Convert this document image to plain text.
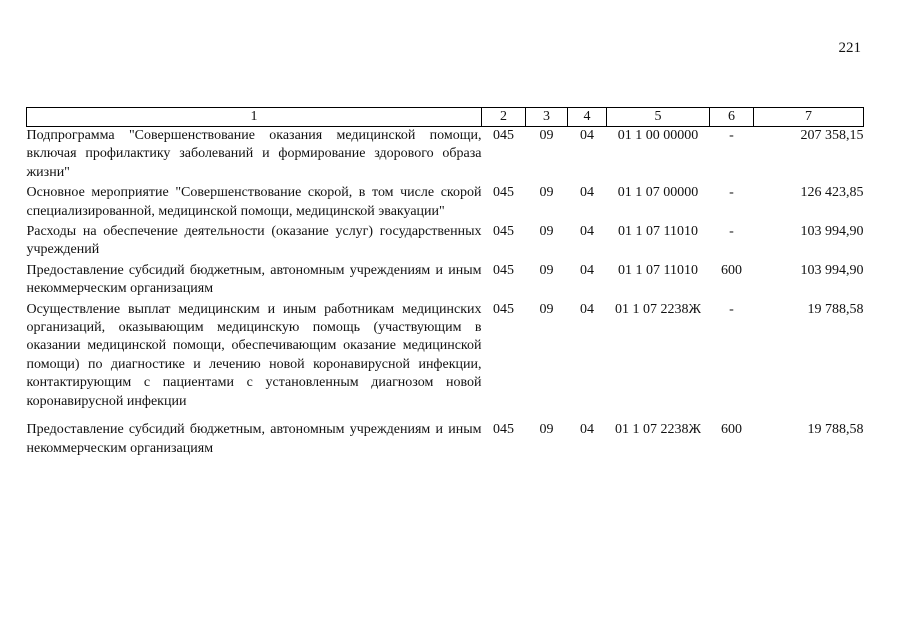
221
1	2	3	4	5	6	7
Подпрограмма "Совершенствование оказания медицинской помощи, включая профилактику заболеваний и формирование здорового образа жизни"	045	09	04	01 1 00 00000	-	207 358,15
Основное мероприятие "Совершенствование скорой, в том числе скорой специализированной, медицинской помощи, медицинской эвакуации"	045	09	04	01 1 07 00000	-	126 423,85
Расходы на обеспечение деятельности (оказание услуг) государственных учреждений	045	09	04	01 1 07 11010	-	103 994,90
Предоставление субсидий бюджетным, автономным учреждениям и иным некоммерческим организациям	045	09	04	01 1 07 11010	600	103 994,90
Осуществление выплат медицинским и иным работникам медицинских организаций, оказывающим медицинскую помощь (участвующим в оказании медицинской помощи, обеспечивающим оказание медицинской помощи) по диагностике и лечению новой коронавирусной инфекции, контактирующим с пациентами с установленным диагнозом новой коронавирусной инфекции	045	09	04	01 1 07 2238Ж	-	19 788,58
Предоставление субсидий бюджетным, автономным учреждениям и иным некоммерческим организациям	045	09	04	01 1 07 2238Ж	600	19 788,58
